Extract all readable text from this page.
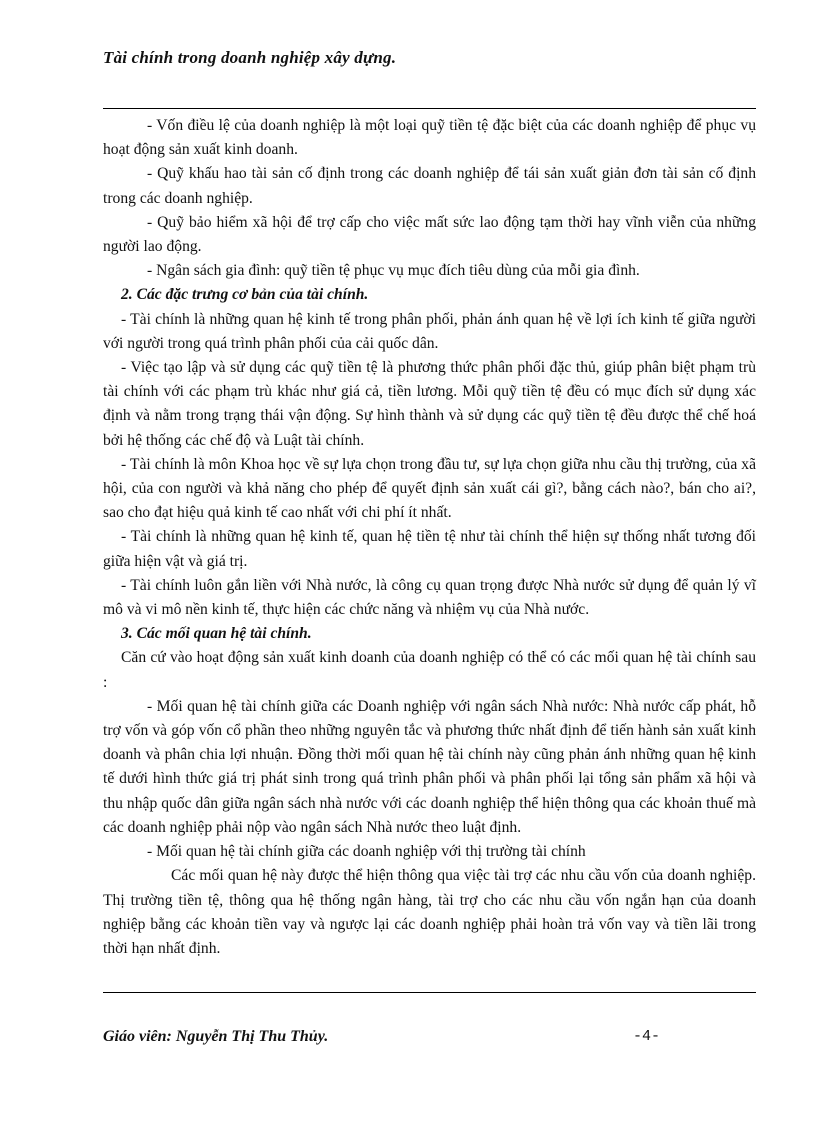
Tài chính trong doanh nghiệp xây dựng.

- Vốn điều lệ của doanh nghiệp là một loại quỹ tiền tệ đặc biệt của các doanh nghiệp để phục vụ hoạt động sản xuất kinh doanh.

- Quỹ khấu hao tài sản cố định trong các doanh nghiệp để tái sản xuất giản đơn tài sản cố định trong các doanh nghiệp.

- Quỹ bảo hiểm xã hội để trợ cấp cho việc mất sức lao động tạm thời hay vĩnh viễn của những người lao động.

- Ngân sách gia đình: quỹ tiền tệ phục vụ mục đích tiêu dùng của mỗi gia đình.

2. Các đặc trưng cơ bản của tài chính.

- Tài chính là những quan hệ kinh tế trong phân phối, phản ánh quan hệ về lợi ích kinh tế giữa người với người trong quá trình phân phối của cải quốc dân.

- Việc tạo lập và sử dụng các quỹ tiền tệ là phương thức phân phối đặc thủ, giúp phân biệt phạm trù tài chính với các phạm trù khác như giá cả, tiền lương. Mỗi quỹ tiền tệ đều có mục đích sử dụng xác định và nằm trong trạng thái vận động. Sự hình thành và sử dụng các quỹ tiền tệ đều được thể chế hoá bởi hệ thống các chế độ và Luật tài chính.

- Tài chính là môn Khoa học về sự lựa chọn trong đầu tư, sự lựa chọn giữa nhu cầu thị trường, của xã hội, của con người và khả năng cho phép để quyết định sản xuất cái gì?, bằng cách nào?, bán cho ai?, sao cho đạt hiệu quả kinh tế cao nhất với chi phí ít nhất.

- Tài chính là những quan hệ kinh tế, quan hệ tiền tệ như tài chính thể hiện sự thống nhất tương đối giữa hiện vật và giá trị.

- Tài chính luôn gắn liền với Nhà nước, là công cụ quan trọng được Nhà nước sử dụng để quản lý vĩ mô và vi mô nền kinh tế, thực hiện các chức năng và nhiệm vụ của Nhà nước.

3. Các mối quan hệ tài chính.

Căn cứ vào hoạt động sản xuất kinh doanh của doanh nghiệp có thể có các mối quan hệ tài chính sau :

- Mối quan hệ tài chính giữa các Doanh nghiệp với ngân sách Nhà nước: Nhà nước cấp phát, hỗ trợ vốn và góp vốn cổ phần theo những nguyên tắc và phương thức nhất định để tiến hành sản xuất kinh doanh và phân chia lợi nhuận. Đồng thời mối quan hệ tài chính này cũng phản ánh những quan hệ kinh tế dưới hình thức giá trị phát sinh trong quá trình phân phối và phân phối lại tổng sản phẩm xã hội và thu nhập quốc dân giữa ngân sách nhà nước với các doanh nghiệp thể hiện thông qua các khoản thuế mà các doanh nghiệp phải nộp vào ngân sách Nhà nước theo luật định.

- Mối quan hệ tài chính giữa các doanh nghiệp với thị trường tài chính

Các mối quan hệ này được thể hiện thông qua việc tài trợ các nhu cầu vốn của doanh nghiệp. Thị trường tiền tệ, thông qua hệ thống ngân hàng, tài trợ cho các nhu cầu vốn ngắn hạn của doanh nghiệp bằng các khoản tiền vay và ngược lại các doanh nghiệp phải hoàn trả vốn vay và tiền lãi trong thời hạn nhất định.

Giáo viên: Nguyễn Thị Thu Thủy.	-4-
